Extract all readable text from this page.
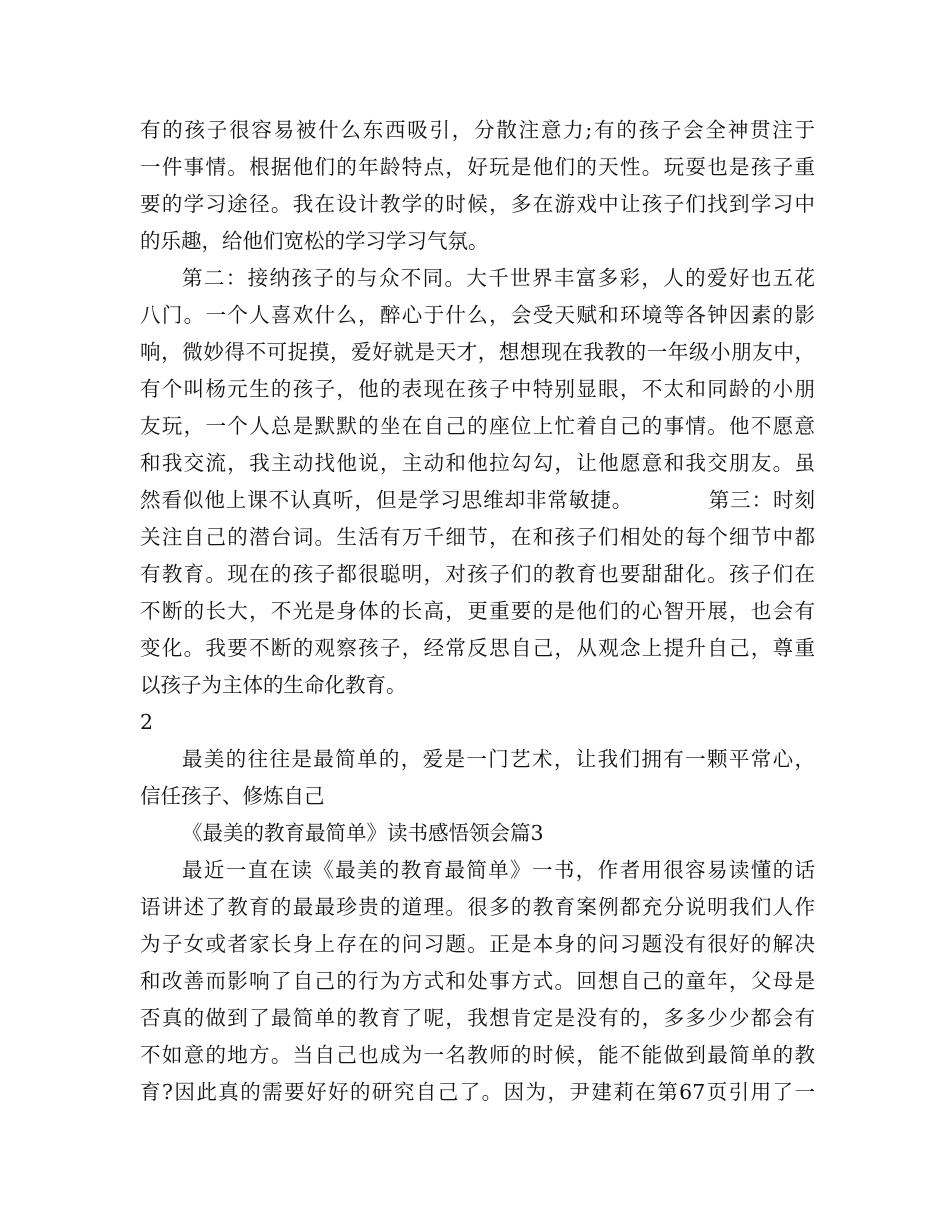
有的孩子很容易被什么东西吸引，分散注意力;有的孩子会全神贯注于
一件事情。根据他们的年龄特点，好玩是他们的天性。玩耍也是孩子重
要的学习途径。我在设计教学的时候，多在游戏中让孩子们找到学习中
的乐趣，给他们宽松的学习学习气氛。
第二：接纳孩子的与众不同。大千世界丰富多彩，人的爱好也五花
八门。一个人喜欢什么，醉心于什么，会受天赋和环境等各钟因素的影
响，微妙得不可捉摸，爱好就是天才，想想现在我教的一年级小朋友中，
有个叫杨元生的孩子，他的表现在孩子中特别显眼，不太和同龄的小朋
友玩，一个人总是默默的坐在自己的座位上忙着自己的事情。他不愿意
和我交流，我主动找他说，主动和他拉勾勾，让他愿意和我交朋友。虽
然看似他上课不认真听，但是学习思维却非常敏捷。　　　　第三：时刻
关注自己的潜台词。生活有万千细节，在和孩子们相处的每个细节中都
有教育。现在的孩子都很聪明，对孩子们的教育也要甜甜化。孩子们在
不断的长大，不光是身体的长高，更重要的是他们的心智开展，也会有
变化。我要不断的观察孩子，经常反思自己，从观念上提升自己，尊重
以孩子为主体的生命化教育。
2
最美的往往是最简单的，爱是一门艺术，让我们拥有一颗平常心，
信任孩子、修炼自己
《最美的教育最简单》读书感悟领会篇3
最近一直在读《最美的教育最简单》一书，作者用很容易读懂的话
语讲述了教育的最最珍贵的道理。很多的教育案例都充分说明我们人作
为子女或者家长身上存在的问习题。正是本身的问习题没有很好的解决
和改善而影响了自己的行为方式和处事方式。回想自己的童年，父母是
否真的做到了最简单的教育了呢，我想肯定是没有的，多多少少都会有
不如意的地方。当自己也成为一名教师的时候，能不能做到最简单的教
育?因此真的需要好好的研究自己了。因为，尹建莉在第67页引用了一
